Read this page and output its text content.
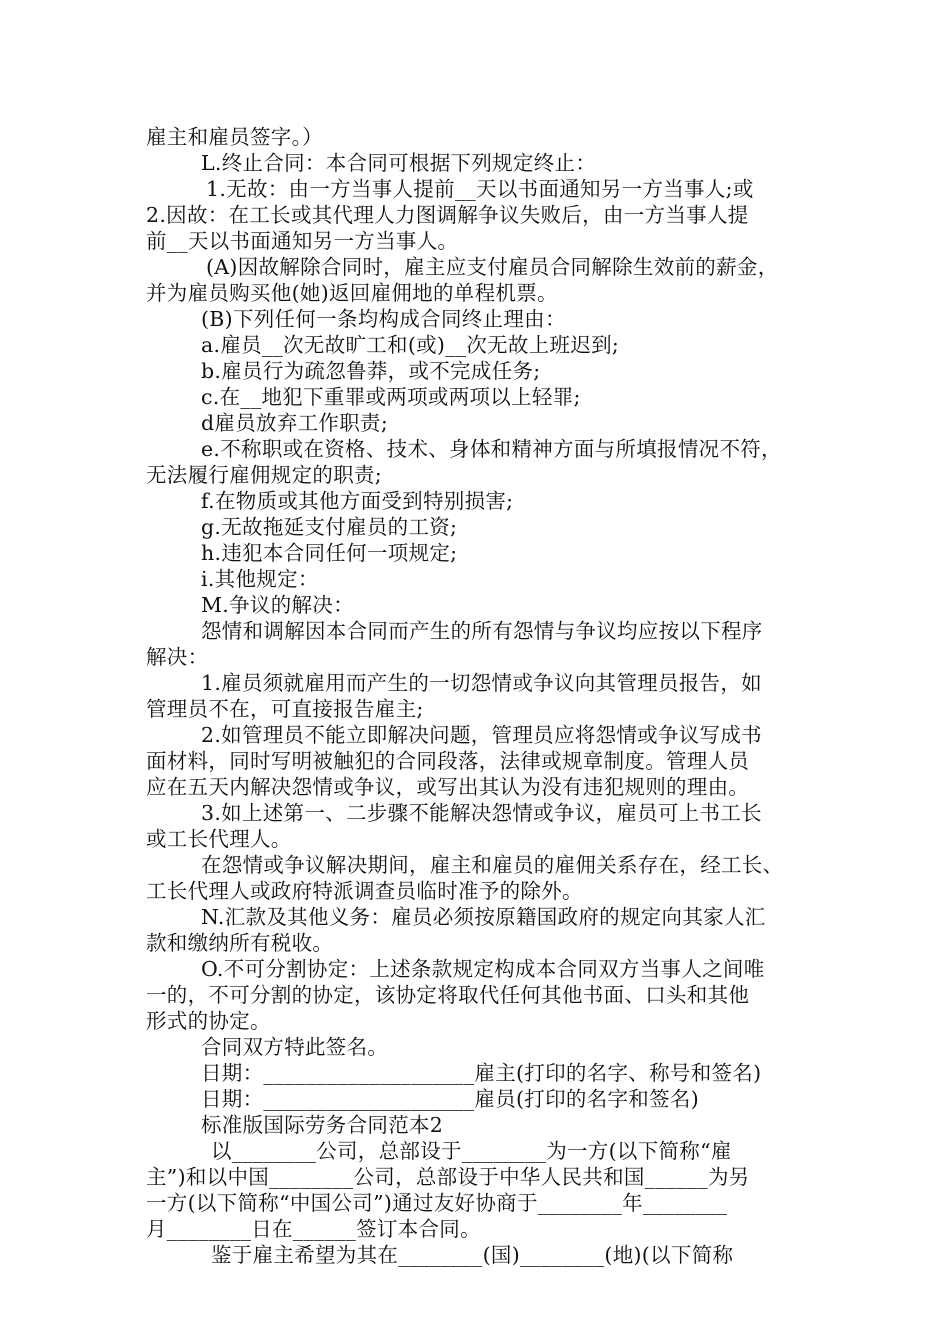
雇主和雇员签字。）
L.终止合同：本合同可根据下列规定终止：
1.无故：由一方当事人提前__天以书面通知另一方当事人;或
2.因故：在工长或其代理人力图调解争议失败后，由一方当事人提
前__天以书面通知另一方当事人。
(A)因故解除合同时，雇主应支付雇员合同解除生效前的薪金，
并为雇员购买他(她)返回雇佣地的单程机票。
(B)下列任何一条均构成合同终止理由：
a.雇员__次无故旷工和(或)__次无故上班迟到;
b.雇员行为疏忽鲁莽，或不完成任务;
c.在__地犯下重罪或两项或两项以上轻罪;
d雇员放弃工作职责;
e.不称职或在资格、技术、身体和精神方面与所填报情况不符，
无法履行雇佣规定的职责;
f.在物质或其他方面受到特别损害;
g.无故拖延支付雇员的工资;
h.违犯本合同任何一项规定;
i.其他规定：
M.争议的解决：
怨情和调解因本合同而产生的所有怨情与争议均应按以下程序
解决：
1.雇员须就雇用而产生的一切怨情或争议向其管理员报告，如
管理员不在，可直接报告雇主;
2.如管理员不能立即解决问题，管理员应将怨情或争议写成书
面材料，同时写明被触犯的合同段落，法律或规章制度。管理人员
应在五天内解决怨情或争议，或写出其认为没有违犯规则的理由。
3.如上述第一、二步骤不能解决怨情或争议，雇员可上书工长
或工长代理人。
在怨情或争议解决期间，雇主和雇员的雇佣关系存在，经工长、
工长代理人或政府特派调查员临时准予的除外。
N.汇款及其他义务：雇员必须按原籍国政府的规定向其家人汇
款和缴纳所有税收。
O.不可分割协定：上述条款规定构成本合同双方当事人之间唯
一的，不可分割的协定，该协定将取代任何其他书面、口头和其他
形式的协定。
合同双方特此签名。
日期：____________________雇主(打印的名字、称号和签名)
日期：____________________雇员(打印的名字和签名)
标准版国际劳务合同范本2
以________公司，总部设于________为一方(以下简称“雇
主”)和以中国________公司，总部设于中华人民共和国______为另
一方(以下简称“中国公司”)通过友好协商于________年________
月________日在______签订本合同。
鉴于雇主希望为其在________(国)________(地)(以下简称
